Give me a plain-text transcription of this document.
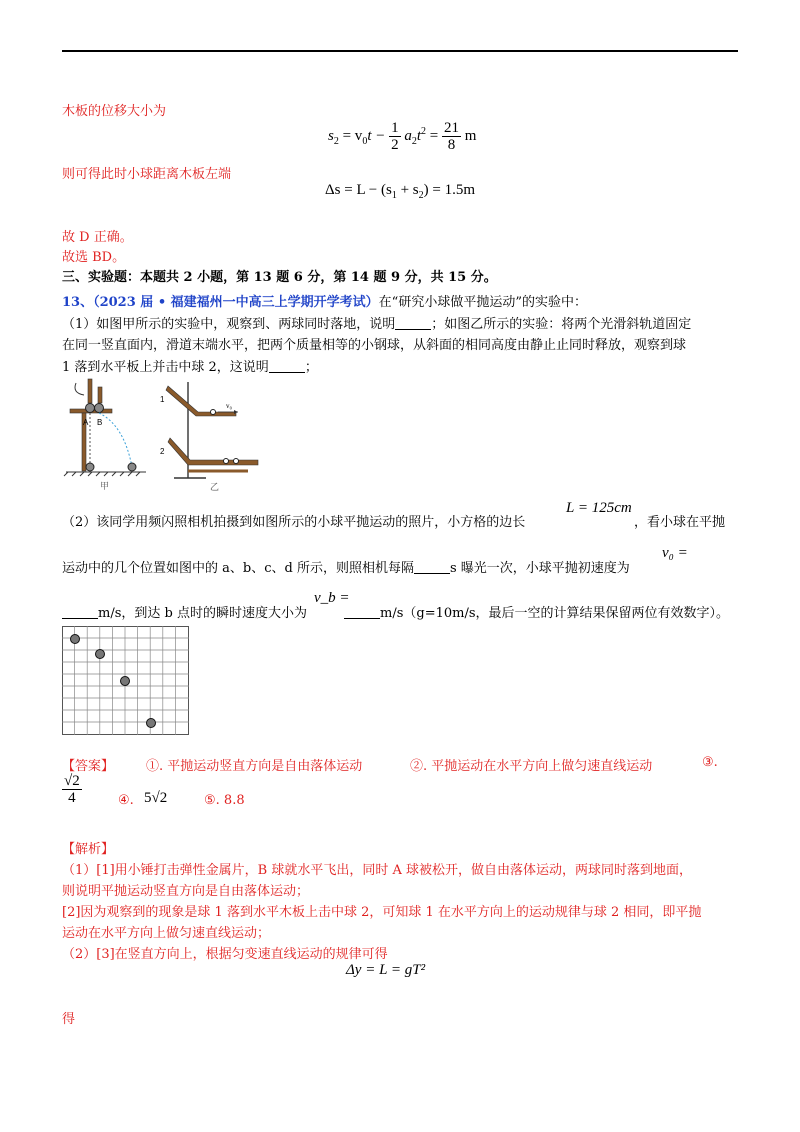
木板的位移大小为
$s_2 = v_0t - \frac{1}{2} a_2t^2 = \frac{21}{8}$ m
则可得此时小球距离木板左端
$\Delta s = L - (s_1 + s_2) = 1.5m$
故 D 正确。
故选 BD。
三、实验题：本题共 2 小题，第 13 题 6 分，第 14 题 9 分，共 15 分。
13、（2023 届 • 福建福州一中高三上学期开学考试）在“研究小球做平抛运动”的实验中：
（1）如图甲所示的实验中，观察到、两球同时落地，说明	；如图乙所示的实验：将两个光滑斜轨道固定
在同一竖直面内，滑道末端水平，把两个质量相等的小钢球，从斜面的相同高度由静止止同时释放，观察到球
1 落到水平板上并击中球 2，这说明	；
A B
甲
1
2
v₀
乙
（2）该同学用频闪照相机拍摄到如图所示的小球平抛运动的照片，小方格的边长
L = 125cm
，看小球在平抛
运动中的几个位置如图中的 a、b、c、d 所示，则照相机每隔	s 曝光一次，小球平抛初速度为
v₀ =
m/s，到达 b 点时的瞬时速度大小为
v_b =
m/s（g=10m/s，最后一空的计算结果保留两位有效数字）。
【答案】 ①. 平抛运动竖直方向是自由落体运动	②. 平抛运动在水平方向上做匀速直线运动	③.
$\frac{√2}{4}$	④. 5√2	⑤. 8.8
【解析】
（1）[1]用小锤打击弹性金属片，B 球就水平飞出，同时 A 球被松开，做自由落体运动，两球同时落到地面，
则说明平抛运动竖直方向是自由落体运动；
[2]因为观察到的现象是球 1 落到水平木板上击中球 2，可知球 1 在水平方向上的运动规律与球 2 相同，即平抛
运动在水平方向上做匀速直线运动；
（2）[3]在竖直方向上，根据匀变速直线运动的规律可得
Δy = L = gT²
得
